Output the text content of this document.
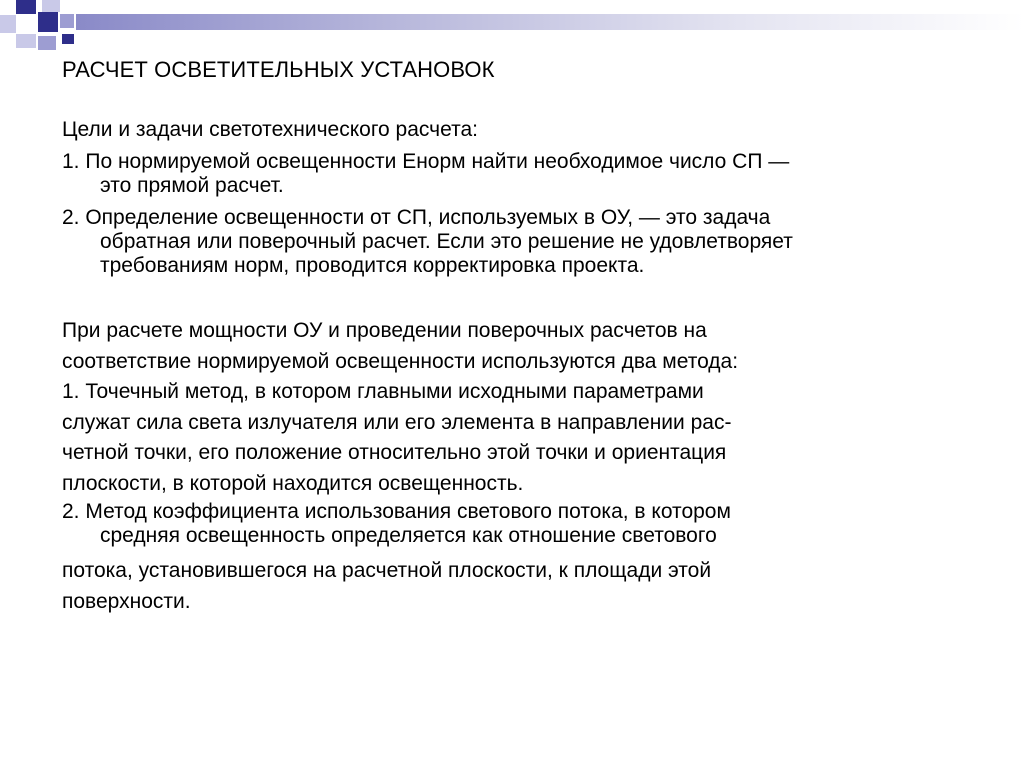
РАСЧЕТ ОСВЕТИТЕЛЬНЫХ УСТАНОВОК
Цели и задачи светотехнического расчета:
1. По нормируемой освещенности Енорм найти необходимое число СП —
это прямой расчет.
2. Определение освещенности от СП, используемых в ОУ, — это задача
обратная или поверочный расчет. Если это решение не удовлетворяет
требованиям норм, проводится корректировка проекта.
При расчете мощности ОУ и проведении поверочных расчетов на
соответствие нормируемой освещенности используются два метода:
1. Точечный метод, в котором главными исходными параметрами
служат сила света излучателя или его элемента в направлении рас-
четной точки, его положение относительно этой точки и ориентация
плоскости, в которой находится освещенность.
2. Метод коэффициента использования светового потока, в котором
средняя освещенность определяется как отношение светового
потока, установившегося на расчетной плоскости, к площади этой
поверхности.
